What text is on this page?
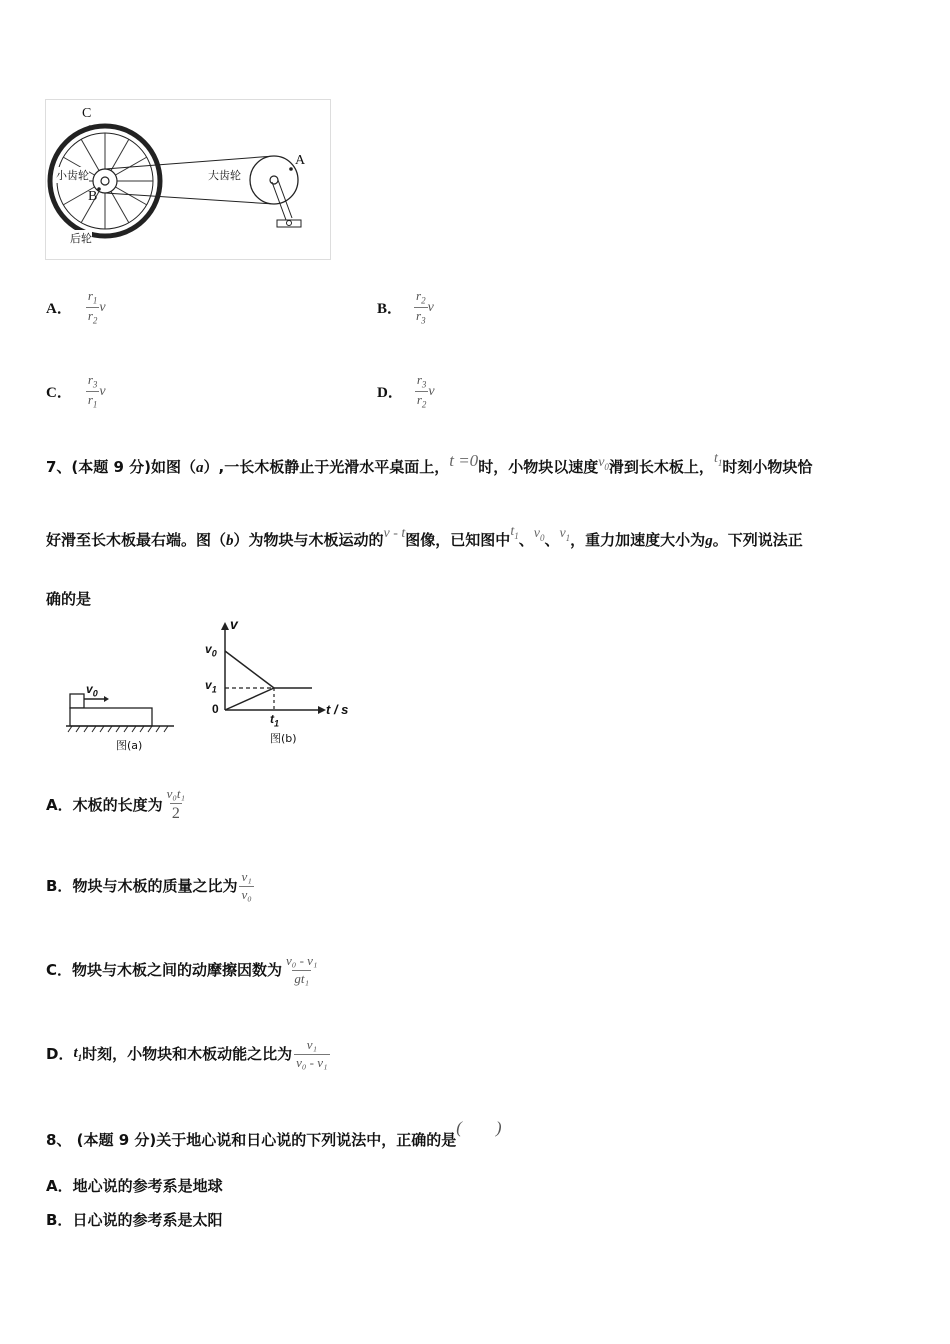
C
A
B
小齿轮	大齿轮
后轮
A． $\frac{r_1}{r_2}$ v	B． $\frac{r_2}{r_3}$ v
C． $\frac{r_3}{r_1}$ v	D． $\frac{r_3}{r_2}$ v
7、(本题 9 分)如图（a）,一长木板静止于光滑水平桌面上，t =0时，小物块以速度$v_0$滑到长木板上，$t_1$时刻小物块恰
好滑至长木板最右端。图（b）为物块与木板运动的v - t图像，已知图中$t_1$、$v_0$、$v_1$，重力加速度大小为g。下列说法正
确的是
$v_0$
图(a)
v
$v_0$
$v_1$
0
$t_1$
t / s
图(b)
A． 木板的长度为 $\frac{\text{v₀t₁}}{2}$
B． 物块与木板的质量之比为 $\frac{\text{v₁}}{\text{v₀}}$
C． 物块与木板之间的动摩擦因数为 $\frac{\text{v₀ - v₁}}{\text{gt₁}}$
D． $t_1$ 时刻，小物块和木板动能之比为 $\frac{\text{v₁}}{\text{v₀ - v₁}}$
8、 (本题 9 分)关于地心说和日心说的下列说法中，正确的是(　　)
A．地心说的参考系是地球
B．日心说的参考系是太阳
